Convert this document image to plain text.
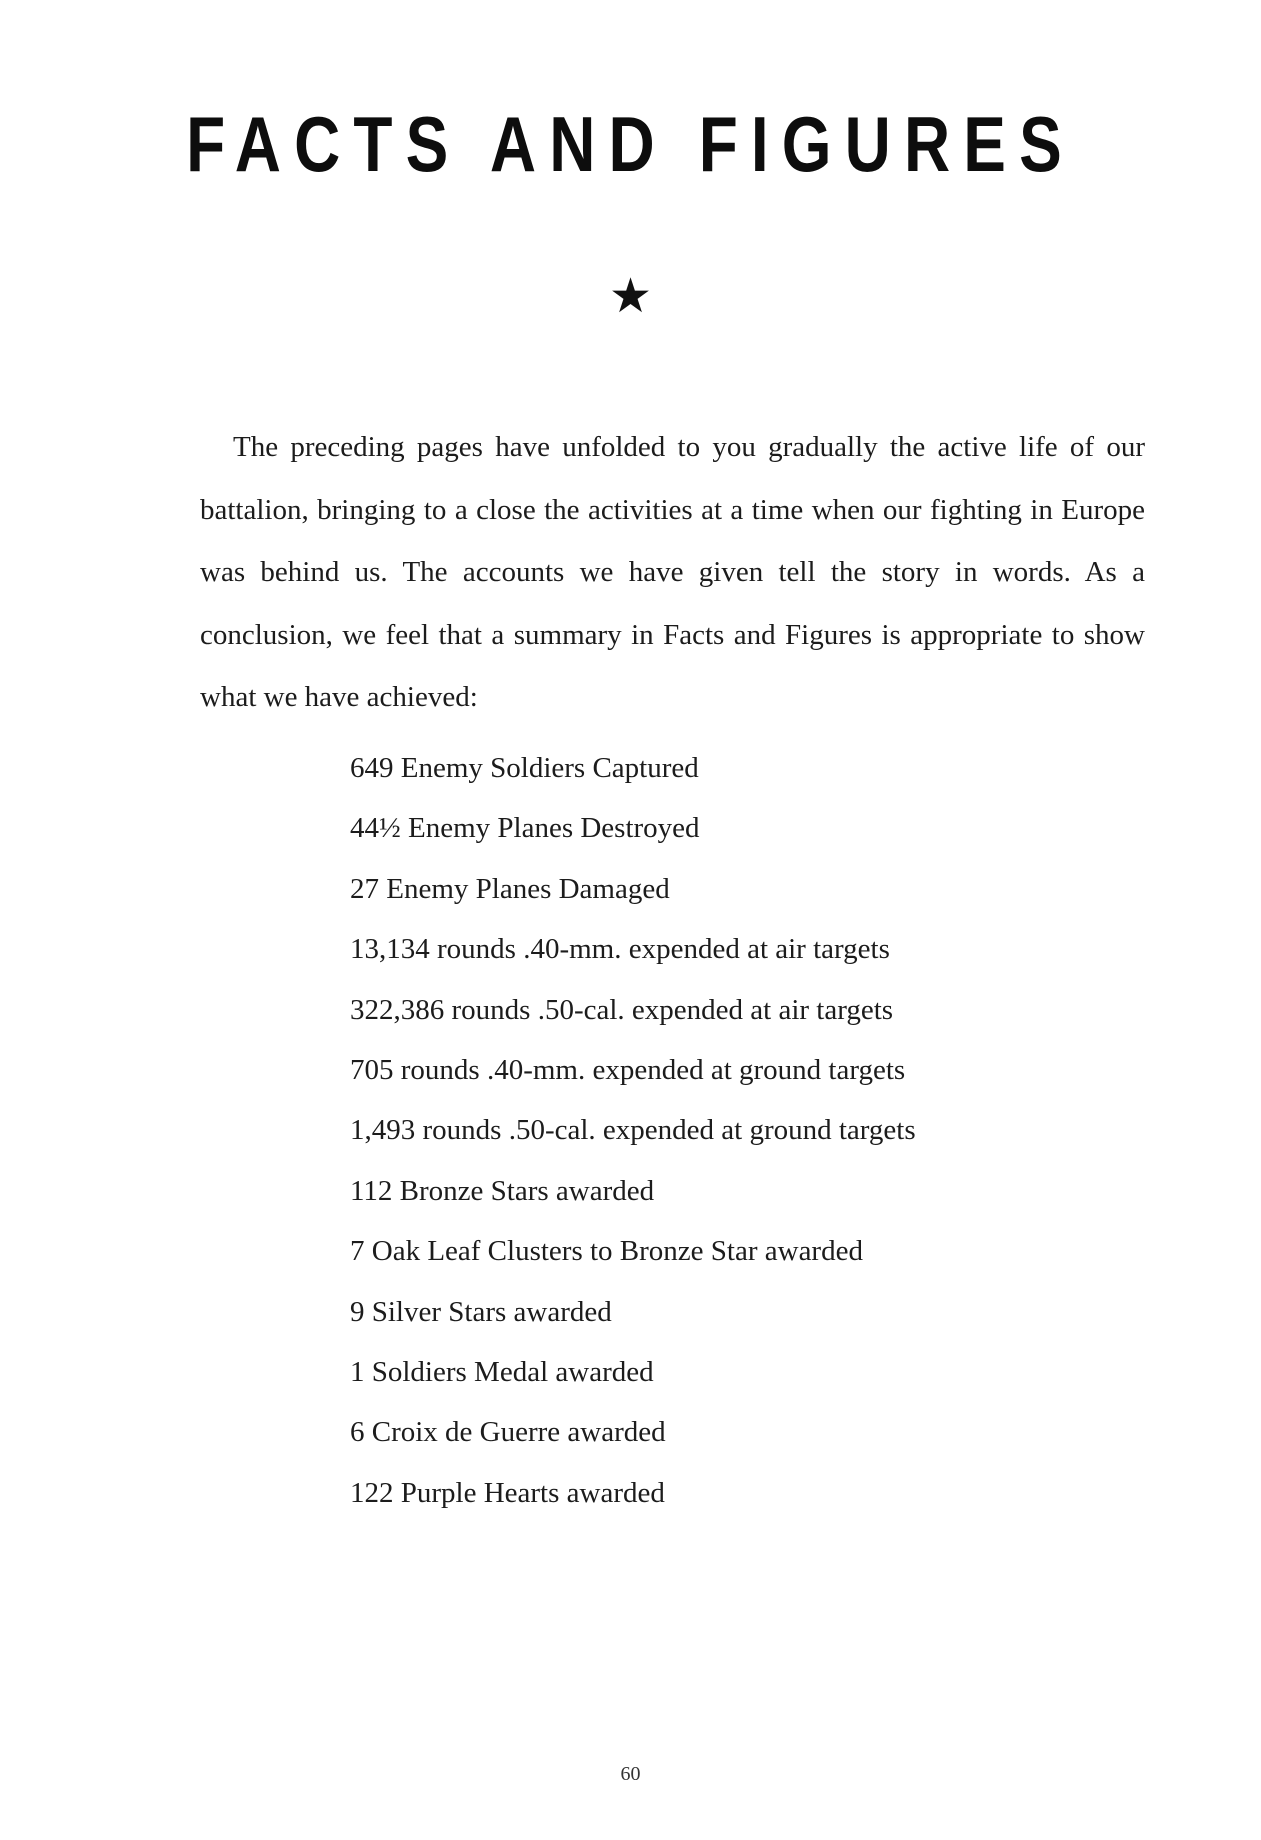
FACTS AND FIGURES
★

The preceding pages have unfolded to you gradually the active life of our battalion, bringing to a close the activities at a time when our fighting in Europe was behind us. The accounts we have given tell the story in words. As a conclusion, we feel that a summary in Facts and Figures is appropriate to show what we have achieved:

649 Enemy Soldiers Captured
44½ Enemy Planes Destroyed
27 Enemy Planes Damaged
13,134 rounds .40-mm. expended at air targets
322,386 rounds .50-cal. expended at air targets
705 rounds .40-mm. expended at ground targets
1,493 rounds .50-cal. expended at ground targets
112 Bronze Stars awarded
7 Oak Leaf Clusters to Bronze Star awarded
9 Silver Stars awarded
1 Soldiers Medal awarded
6 Croix de Guerre awarded
122 Purple Hearts awarded
60
